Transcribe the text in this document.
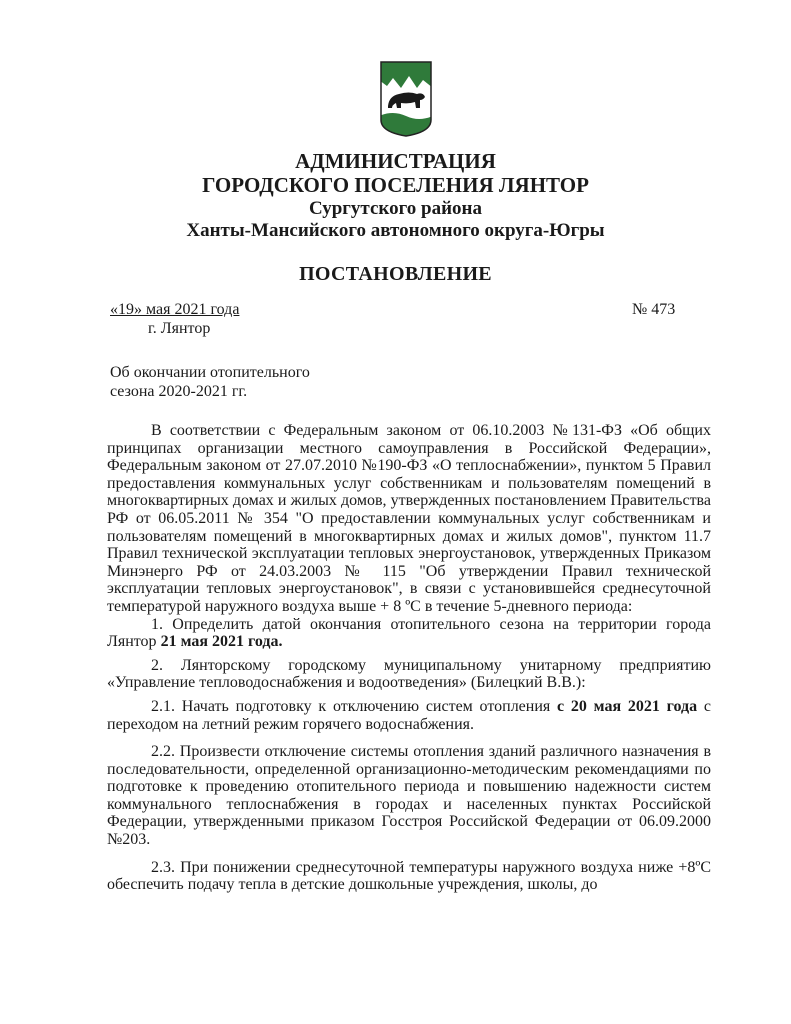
АДМИНИСТРАЦИЯ
ГОРОДСКОГО ПОСЕЛЕНИЯ ЛЯНТОР
Сургутского района
Ханты-Мансийского автономного округа-Югры
ПОСТАНОВЛЕНИЕ
«19» мая 2021 года	№ 473
г. Лянтор
Об окончании отопительного
сезона 2020-2021 гг.

В соответствии с Федеральным законом от 06.10.2003 №131-ФЗ «Об общих принципах организации местного самоуправления в Российской Федерации», Федеральным законом от 27.07.2010 №190-ФЗ «О теплоснабжении», пунктом 5 Правил предоставления коммунальных услуг собственникам и пользователям помещений в многоквартирных домах и жилых домов, утвержденных постановлением Правительства РФ от 06.05.2011 № 354 "О предоставлении коммунальных услуг собственникам и пользователям помещений в многоквартирных домах и жилых домов", пунктом 11.7 Правил технической эксплуатации тепловых энергоустановок, утвержденных Приказом Минэнерго РФ от 24.03.2003 № 115 "Об утверждении Правил технической эксплуатации тепловых энергоустановок", в связи с установившейся среднесуточной температурой наружного воздуха выше + 8 ºС в течение 5-дневного периода:

1. Определить датой окончания отопительного сезона на территории города Лянтор 21 мая 2021 года.

2. Лянторскому городскому муниципальному унитарному предприятию «Управление тепловодоснабжения и водоотведения» (Билецкий В.В.):

2.1. Начать подготовку к отключению систем отопления с 20 мая 2021 года с переходом на летний режим горячего водоснабжения.

2.2. Произвести отключение системы отопления зданий различного назначения в последовательности, определенной организационно-методическим рекомендациями по подготовке к проведению отопительного периода и повышению надежности систем коммунального теплоснабжения в городах и населенных пунктах Российской Федерации, утвержденными приказом Госстроя Российской Федерации от 06.09.2000 №203.

2.3. При понижении среднесуточной температуры наружного воздуха ниже +8ºС обеспечить подачу тепла в детские дошкольные учреждения, школы, до
